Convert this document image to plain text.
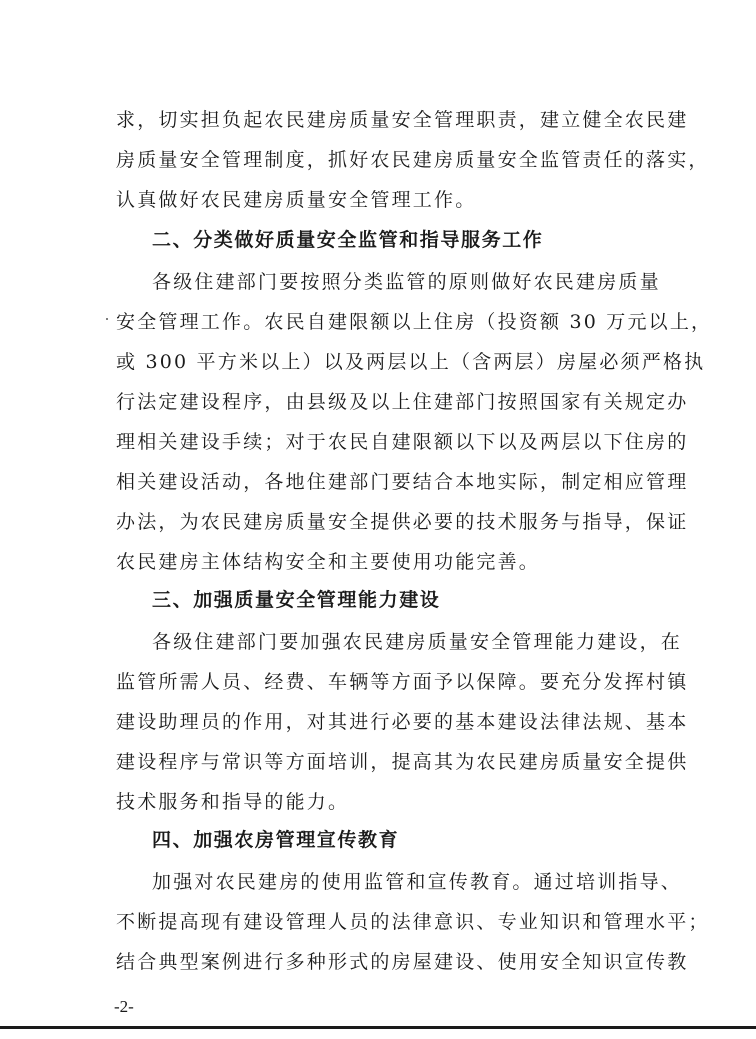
求，切实担负起农民建房质量安全管理职责，建立健全农民建
房质量安全管理制度，抓好农民建房质量安全监管责任的落实，
认真做好农民建房质量安全管理工作。
二、分类做好质量安全监管和指导服务工作
各级住建部门要按照分类监管的原则做好农民建房质量
安全管理工作。农民自建限额以上住房（投资额 30 万元以上，
或 300 平方米以上）以及两层以上（含两层）房屋必须严格执
行法定建设程序，由县级及以上住建部门按照国家有关规定办
理相关建设手续；对于农民自建限额以下以及两层以下住房的
相关建设活动，各地住建部门要结合本地实际，制定相应管理
办法，为农民建房质量安全提供必要的技术服务与指导，保证
农民建房主体结构安全和主要使用功能完善。
三、加强质量安全管理能力建设
各级住建部门要加强农民建房质量安全管理能力建设，在
监管所需人员、经费、车辆等方面予以保障。要充分发挥村镇
建设助理员的作用，对其进行必要的基本建设法律法规、基本
建设程序与常识等方面培训，提高其为农民建房质量安全提供
技术服务和指导的能力。
四、加强农房管理宣传教育
加强对农民建房的使用监管和宣传教育。通过培训指导、
不断提高现有建设管理人员的法律意识、专业知识和管理水平；
结合典型案例进行多种形式的房屋建设、使用安全知识宣传教
-2-
